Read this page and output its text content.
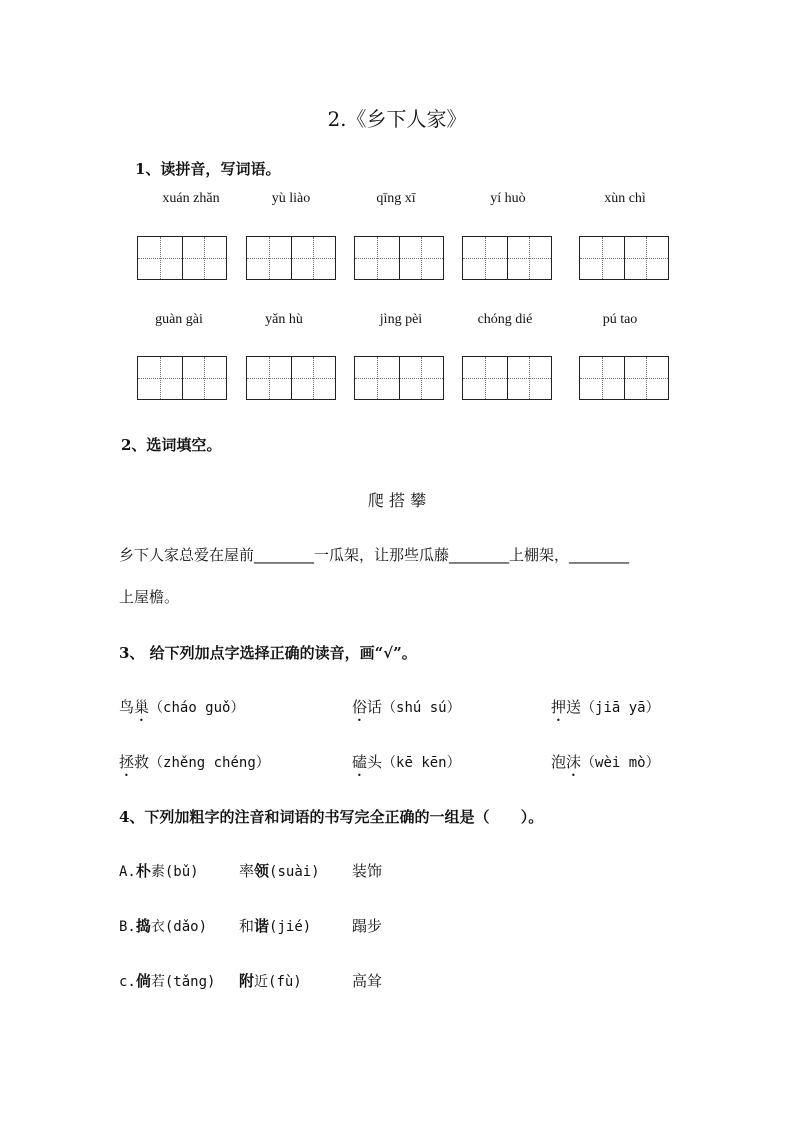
2.《乡下人家》
1、读拼音，写词语。
xuán zhǎn	yù liào	qīng xī	yí huò	xùn chì
guàn gài	yǎn hù	jìng pèi	chóng dié	pú tao
2、选词填空。
爬 搭 攀
乡下人家总爱在屋前________一瓜架，让那些瓜藤________上棚架，________
上屋檐。
3、 给下列加点字选择正确的读音，画“√”。
鸟巢（cháo guǒ）	俗话（shú sú）	押送（jiā yā）
拯救（zhěng chéng）	磕头（kē kēn）	泡沫（wèi mò）
4、下列加粗字的注音和词语的书写完全正确的一组是（      ）。
A.朴素(bǔ)	率领(suài) 装饰
B.捣衣(dǎo) 和谐(jié)	蹋步
c.倘若(tǎng) 附近(fù)	高耸
